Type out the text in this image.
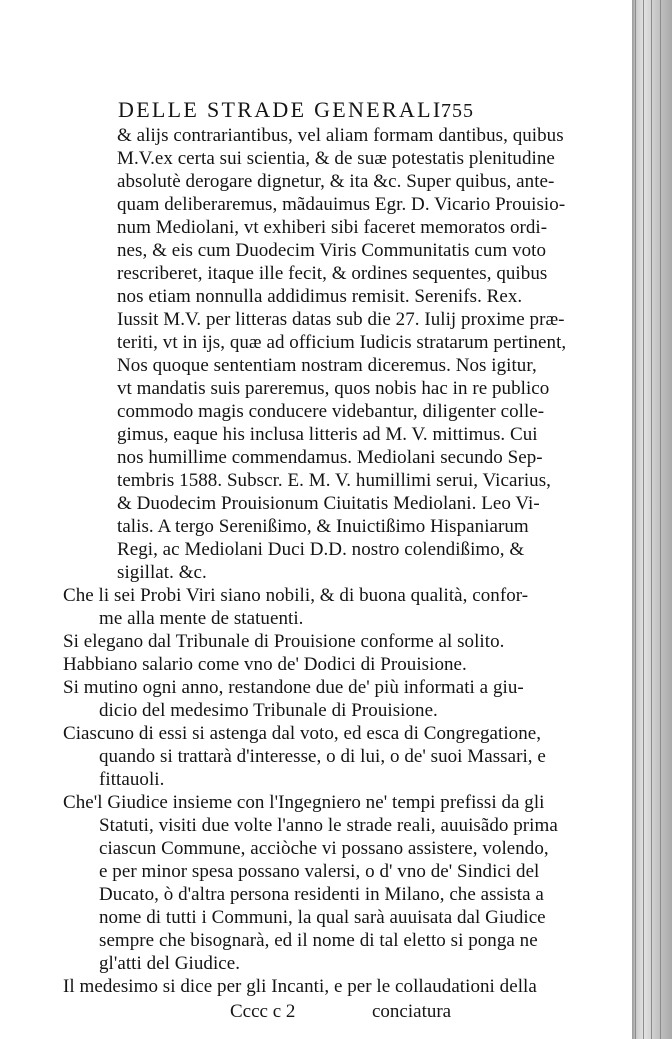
DELLE STRADE GENERALI.
755
& alijs contrariantibus, vel aliam formam dantibus, quibus
M.V.ex certa sui scientia, & de suæ potestatis plenitudine
absolutè derogare dignetur, & ita &c. Super quibus, ante-
quam deliberaremus, mãdauimus Egr. D. Vicario Prouisio-
num Mediolani, vt exhiberi sibi faceret memoratos ordi-
nes, & eis cum Duodecim Viris Communitatis cum voto
rescriberet, itaque ille fecit, & ordines sequentes, quibus
nos etiam nonnulla addidimus remisit. Serenifs. Rex.
Iussit M.V. per litteras datas sub die 27. Iulij proxime præ-
teriti, vt in ijs, quæ ad officium Iudicis stratarum pertinent,
Nos quoque sententiam nostram diceremus. Nos igitur,
vt mandatis suis pareremus, quos nobis hac in re publico
commodo magis conducere videbantur, diligenter colle-
gimus, eaque his inclusa litteris ad M. V. mittimus. Cui
nos humillime commendamus. Mediolani secundo Sep-
tembris 1588. Subscr. E. M. V. humillimi serui, Vicarius,
& Duodecim Prouisionum Ciuitatis Mediolani. Leo Vi-
talis. A tergo Serenißimo, & Inuictißimo Hispaniarum
Regi, ac Mediolani Duci D.D. nostro colendißimo, &
sigillat. &c.
Che li sei Probi Viri siano nobili, & di buona qualità, confor-
me alla mente de statuenti.
Si elegano dal Tribunale di Prouisione conforme al solito.
Habbiano salario come vno de' Dodici di Prouisione.
Si mutino ogni anno, restandone due de' più informati a giu-
dicio del medesimo Tribunale di Prouisione.
Ciascuno di essi si astenga dal voto, ed esca di Congregatione,
quando si trattarà d'interesse, o di lui, o de' suoi Massari, e
fittauoli.
Che'l Giudice insieme con l'Ingegniero ne' tempi prefissi da gli
Statuti, visiti due volte l'anno le strade reali, auuisãdo prima
ciascun Commune, acciòche vi possano assistere, volendo,
e per minor spesa possano valersi, o d' vno de' Sindici del
Ducato, ò d'altra persona residenti in Milano, che assista a
nome di tutti i Communi, la qual sarà auuisata dal Giudice
sempre che bisognarà, ed il nome di tal eletto si ponga ne
gl'atti del Giudice.
Il medesimo si dice per gli Incanti, e per le collaudationi della
Cccc c 2	conciatura
